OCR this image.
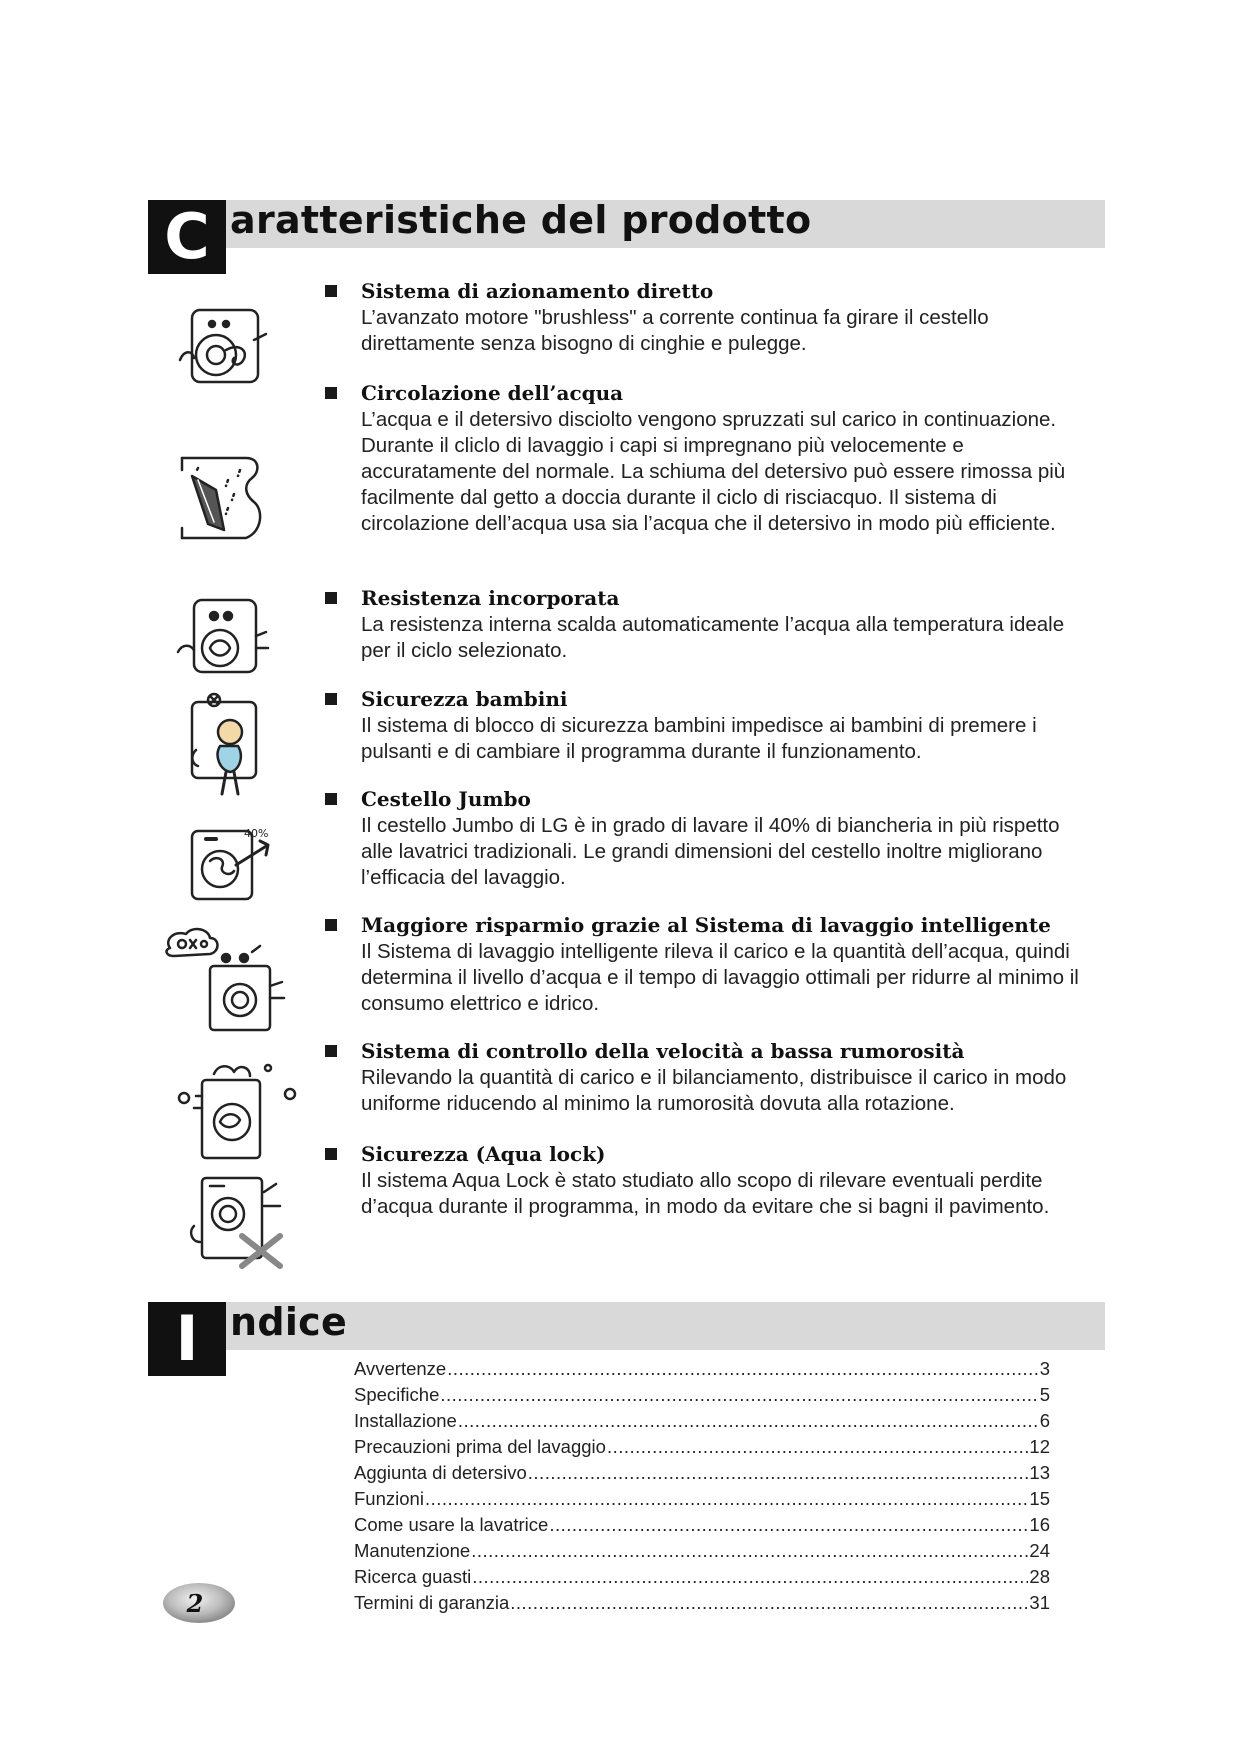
C aratteristiche del prodotto
Sistema di azionamento diretto
L’avanzato motore "brushless" a corrente continua fa girare il cestello direttamente senza bisogno di cinghie e pulegge.
Circolazione dell’acqua
L’acqua e il detersivo disciolto vengono spruzzati sul carico in continuazione. Durante il cliclo di lavaggio i capi si impregnano più velocemente e accuratamente del normale. La schiuma del detersivo può essere rimossa più facilmente dal getto a doccia durante il ciclo di risciacquo. Il sistema di circolazione dell’acqua usa sia l’acqua che il detersivo in modo più efficiente.
Resistenza incorporata
La resistenza interna scalda automaticamente l’acqua alla temperatura ideale per il ciclo selezionato.
Sicurezza bambini
Il sistema di blocco di sicurezza bambini impedisce ai bambini di premere i pulsanti e di cambiare il programma durante il funzionamento.
40%
Cestello Jumbo
Il cestello Jumbo di LG è in grado di lavare il 40% di biancheria in più rispetto alle lavatrici tradizionali. Le grandi dimensioni del cestello inoltre migliorano l’efficacia del lavaggio.
Maggiore risparmio grazie al Sistema di lavaggio intelligente
Il Sistema di lavaggio intelligente rileva il carico e la quantità dell’acqua, quindi determina il livello d’acqua e il tempo di lavaggio ottimali per ridurre al minimo il consumo elettrico e idrico.
Sistema di controllo della velocità a bassa rumorosità
Rilevando la quantità di carico e il bilanciamento, distribuisce il carico in modo uniforme riducendo al minimo la rumorosità dovuta alla rotazione.
Sicurezza (Aqua lock)
Il sistema Aqua Lock è stato studiato allo scopo di rilevare eventuali perdite d’acqua durante il programma, in modo da evitare che si bagni il pavimento.
I ndice
Avvertenze .....	3
Specifiche .....	5
Installazione .....	6
Precauzioni prima del lavaggio .....	12
Aggiunta di detersivo .....	13
Funzioni .....	15
Come usare la lavatrice .....	16
Manutenzione .....	24
Ricerca guasti .....	28
Termini di garanzia .....	31
2
